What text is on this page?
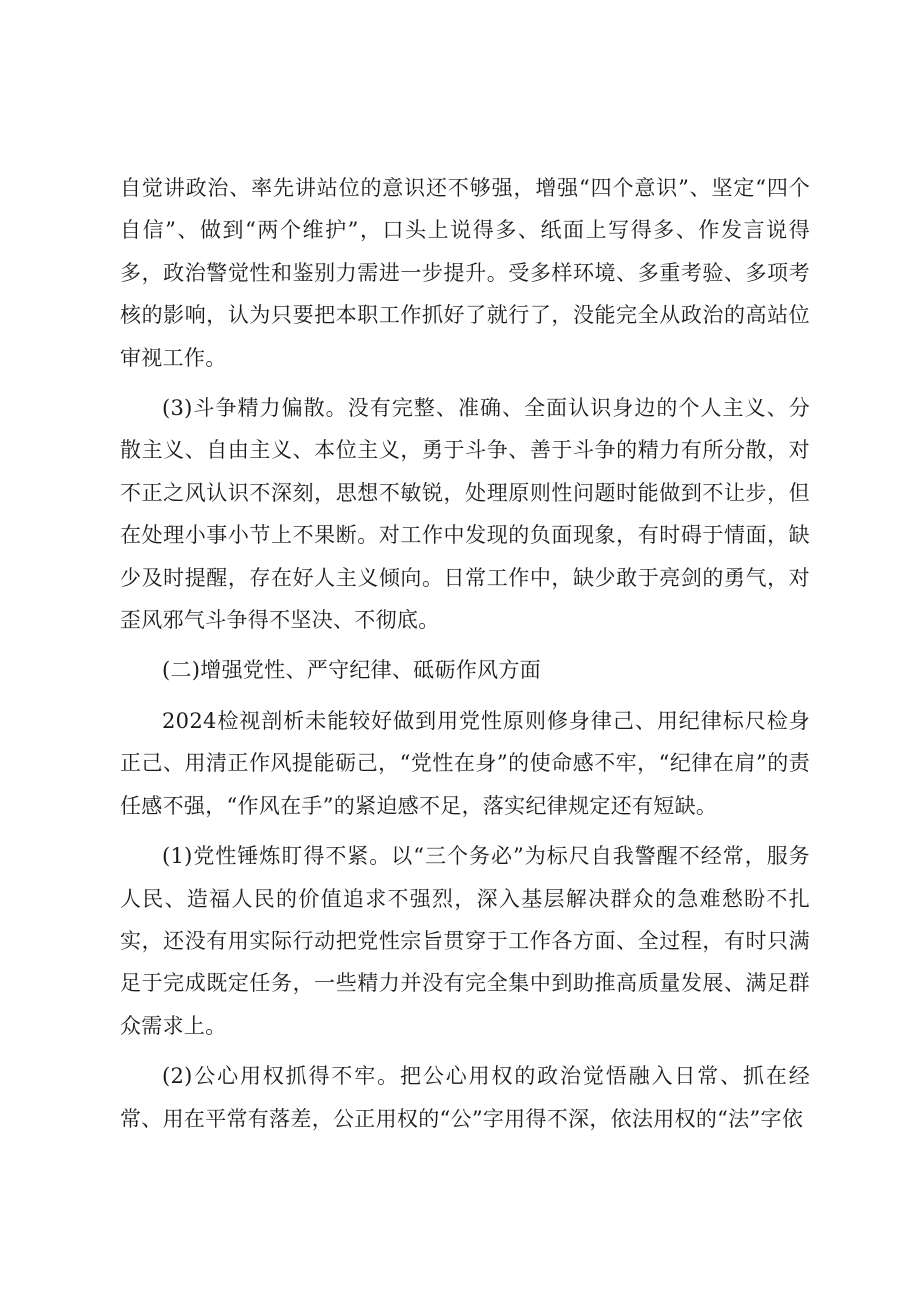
自觉讲政治、率先讲站位的意识还不够强，增强“四个意识”、坚定“四个自信”、做到“两个维护”，口头上说得多、纸面上写得多、作发言说得多，政治警觉性和鉴别力需进一步提升。受多样环境、多重考验、多项考核的影响，认为只要把本职工作抓好了就行了，没能完全从政治的高站位审视工作。

(3)斗争精力偏散。没有完整、准确、全面认识身边的个人主义、分散主义、自由主义、本位主义，勇于斗争、善于斗争的精力有所分散，对不正之风认识不深刻，思想不敏锐，处理原则性问题时能做到不让步，但在处理小事小节上不果断。对工作中发现的负面现象，有时碍于情面，缺少及时提醒，存在好人主义倾向。日常工作中，缺少敢于亮剑的勇气，对歪风邪气斗争得不坚决、不彻底。

(二)增强党性、严守纪律、砥砺作风方面

2024检视剖析未能较好做到用党性原则修身律己、用纪律标尺检身正己、用清正作风提能砺己，“党性在身”的使命感不牢，“纪律在肩”的责任感不强，“作风在手”的紧迫感不足，落实纪律规定还有短缺。

(1)党性锤炼盯得不紧。以“三个务必”为标尺自我警醒不经常，服务人民、造福人民的价值追求不强烈，深入基层解决群众的急难愁盼不扎实，还没有用实际行动把党性宗旨贯穿于工作各方面、全过程，有时只满足于完成既定任务，一些精力并没有完全集中到助推高质量发展、满足群众需求上。

(2)公心用权抓得不牢。把公心用权的政治觉悟融入日常、抓在经常、用在平常有落差，公正用权的“公”字用得不深，依法用权的“法”字依
